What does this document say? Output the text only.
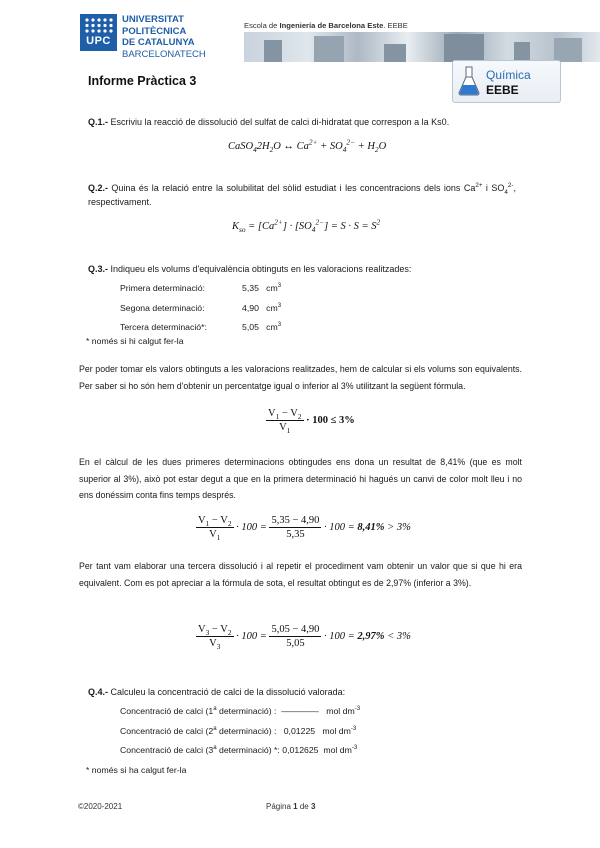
UPC
UNIVERSITAT POLITÈCNICA
DE CATALUNYA
BARCELONATECH
Escola de Ingeniería de Barcelona Este. EEBE
Informe Pràctica 3	Química
EEBE
Q.1.- Escriviu la reacció de dissolució del sulfat de calci di-hidratat que correspon a la Ks0.
$CaSO_42H_2O$ ↔ $Ca^{2+} + SO_4^{2-} + H_2O$
Q.2.- Quina és la relació entre la solubilitat del sòlid estudiat i les concentracions dels ions $Ca^{2+}$ i $SO_4^{2-}$, respectivament.
$K_{so} = [Ca^{2+}] \cdot [SO_4^{2-}] = S \cdot S = S^2$
Q.3.- Indiqueu els volums d'equivalència obtinguts en les valoracions realitzades:
Primera determinació:	5,35 $cm^3$
Segona determinació:	4,90 $cm^3$
Tercera determinació*:	5,05 $cm^3$
* només si hi calgut fer-la
Per poder tomar els valors obtinguts a les valoracions realitzades, hem de calcular si els volums son equivalents. Per saber si ho són hem d'obtenir un percentatge igual o inferior al 3% utilitzant la següent fórmula.
$\frac{V_1 - V_2}{V_1} \cdot 100 \le 3\%$
En el càlcul de les dues primeres determinacions obtingudes ens dona un resultat de 8,41% (que es molt superior al 3%), això pot estar degut a que en la primera determinació hi hagués un canvi de color molt lleu i no ens donéssim conta fins temps després.
$\frac{V_1 - V_2}{V_1} \cdot 100 = \frac{5,35 - 4,90}{5,35} \cdot 100 = 8,41\% > 3\%$
Per tant vam elaborar una tercera dissolució i al repetir el procediment vam obtenir un valor que si que hi era equivalent. Com es pot apreciar a la fórmula de sota, el resultat obtingut es de 2,97% (inferior a 3%).
$\frac{V_3 - V_2}{V_3} \cdot 100 = \frac{5,05 - 4,90}{5,05} \cdot 100 = 2,97\% < 3\%$
Q.4.- Calculeu la concentració de calci de la dissolució valorada:
Concentració de calci (1$^a$ determinació) : ————- mol $dm^{-3}$
Concentració de calci (2$^a$ determinació) : 0,01225 mol $dm^{-3}$
Concentració de calci (3$^a$ determinació) *: 0,012625 mol $dm^{-3}$
* només si ha calgut fer-la
©2020-2021	Página 1 de 3
